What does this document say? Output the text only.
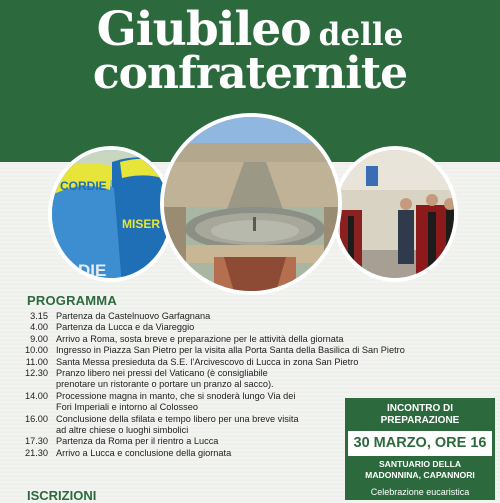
Giubileo delle
confraternite
CORDIE
MISER
DIE
PROGRAMMA
3.15 Partenza da Castelnuovo Garfagnana
4.00 Partenza da Lucca e da Viareggio
9.00 Arrivo a Roma, sosta breve e preparazione per le attività della giornata
10.00 Ingresso in Piazza San Pietro per la visita alla Porta Santa della Basilica di San Pietro
11.00 Santa Messa presieduta da S.E. l’Arcivescovo di Lucca in zona San Pietro
12.30 Pranzo libero nei pressi del Vaticano (è consigliabile prenotare un ristorante o portare un pranzo al sacco).
14.00 Processione magna in manto, che si snoderà lungo Via dei Fori Imperiali e intorno al Colosseo
16.00 Conclusione della sfilata e tempo libero per una breve visita ad altre chiese o luoghi simbolici
17.30 Partenza da Roma per il rientro a Lucca
21.30 Arrivo a Lucca e conclusione della giornata
ISCRIZIONI
INCONTRO DI
PREPARAZIONE
30 MARZO, ORE 16
SANTUARIO DELLA
MADONNINA, CAPANNORI
Celebrazione eucaristica
